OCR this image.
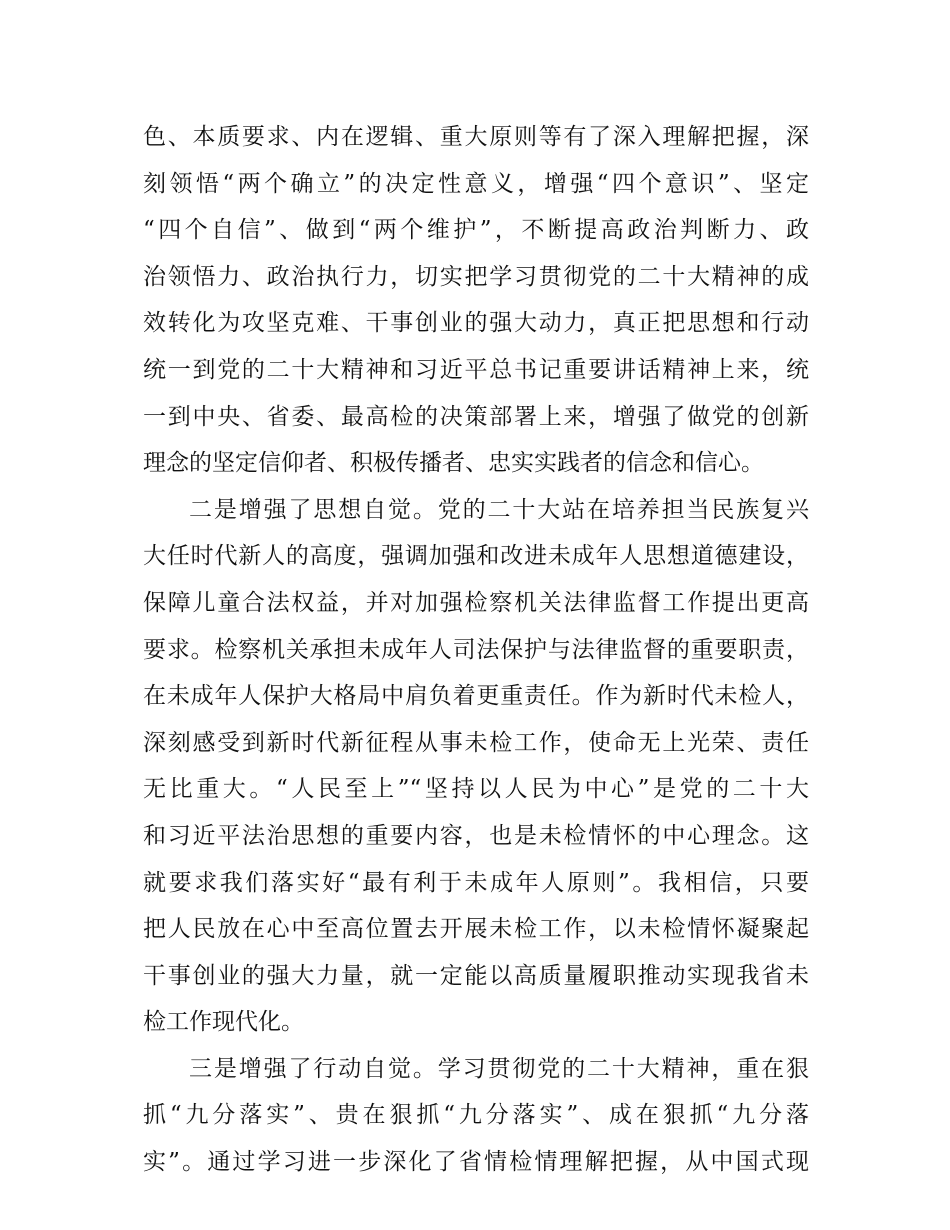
色、本质要求、内在逻辑、重大原则等有了深入理解把握，深
刻领悟“两个确立”的决定性意义，增强“四个意识”、坚定
“四个自信”、做到“两个维护”，不断提高政治判断力、政
治领悟力、政治执行力，切实把学习贯彻党的二十大精神的成
效转化为攻坚克难、干事创业的强大动力，真正把思想和行动
统一到党的二十大精神和习近平总书记重要讲话精神上来，统
一到中央、省委、最高检的决策部署上来，增强了做党的创新
理念的坚定信仰者、积极传播者、忠实实践者的信念和信心。
二是增强了思想自觉。党的二十大站在培养担当民族复兴
大任时代新人的高度，强调加强和改进未成年人思想道德建设，
保障儿童合法权益，并对加强检察机关法律监督工作提出更高
要求。检察机关承担未成年人司法保护与法律监督的重要职责，
在未成年人保护大格局中肩负着更重责任。作为新时代未检人，
深刻感受到新时代新征程从事未检工作，使命无上光荣、责任
无比重大。“人民至上”“坚持以人民为中心”是党的二十大
和习近平法治思想的重要内容，也是未检情怀的中心理念。这
就要求我们落实好“最有利于未成年人原则”。我相信，只要
把人民放在心中至高位置去开展未检工作，以未检情怀凝聚起
干事创业的强大力量，就一定能以高质量履职推动实现我省未
检工作现代化。
三是增强了行动自觉。学习贯彻党的二十大精神，重在狠
抓“九分落实”、贵在狠抓“九分落实”、成在狠抓“九分落
实”。通过学习进一步深化了省情检情理解把握，从中国式现
